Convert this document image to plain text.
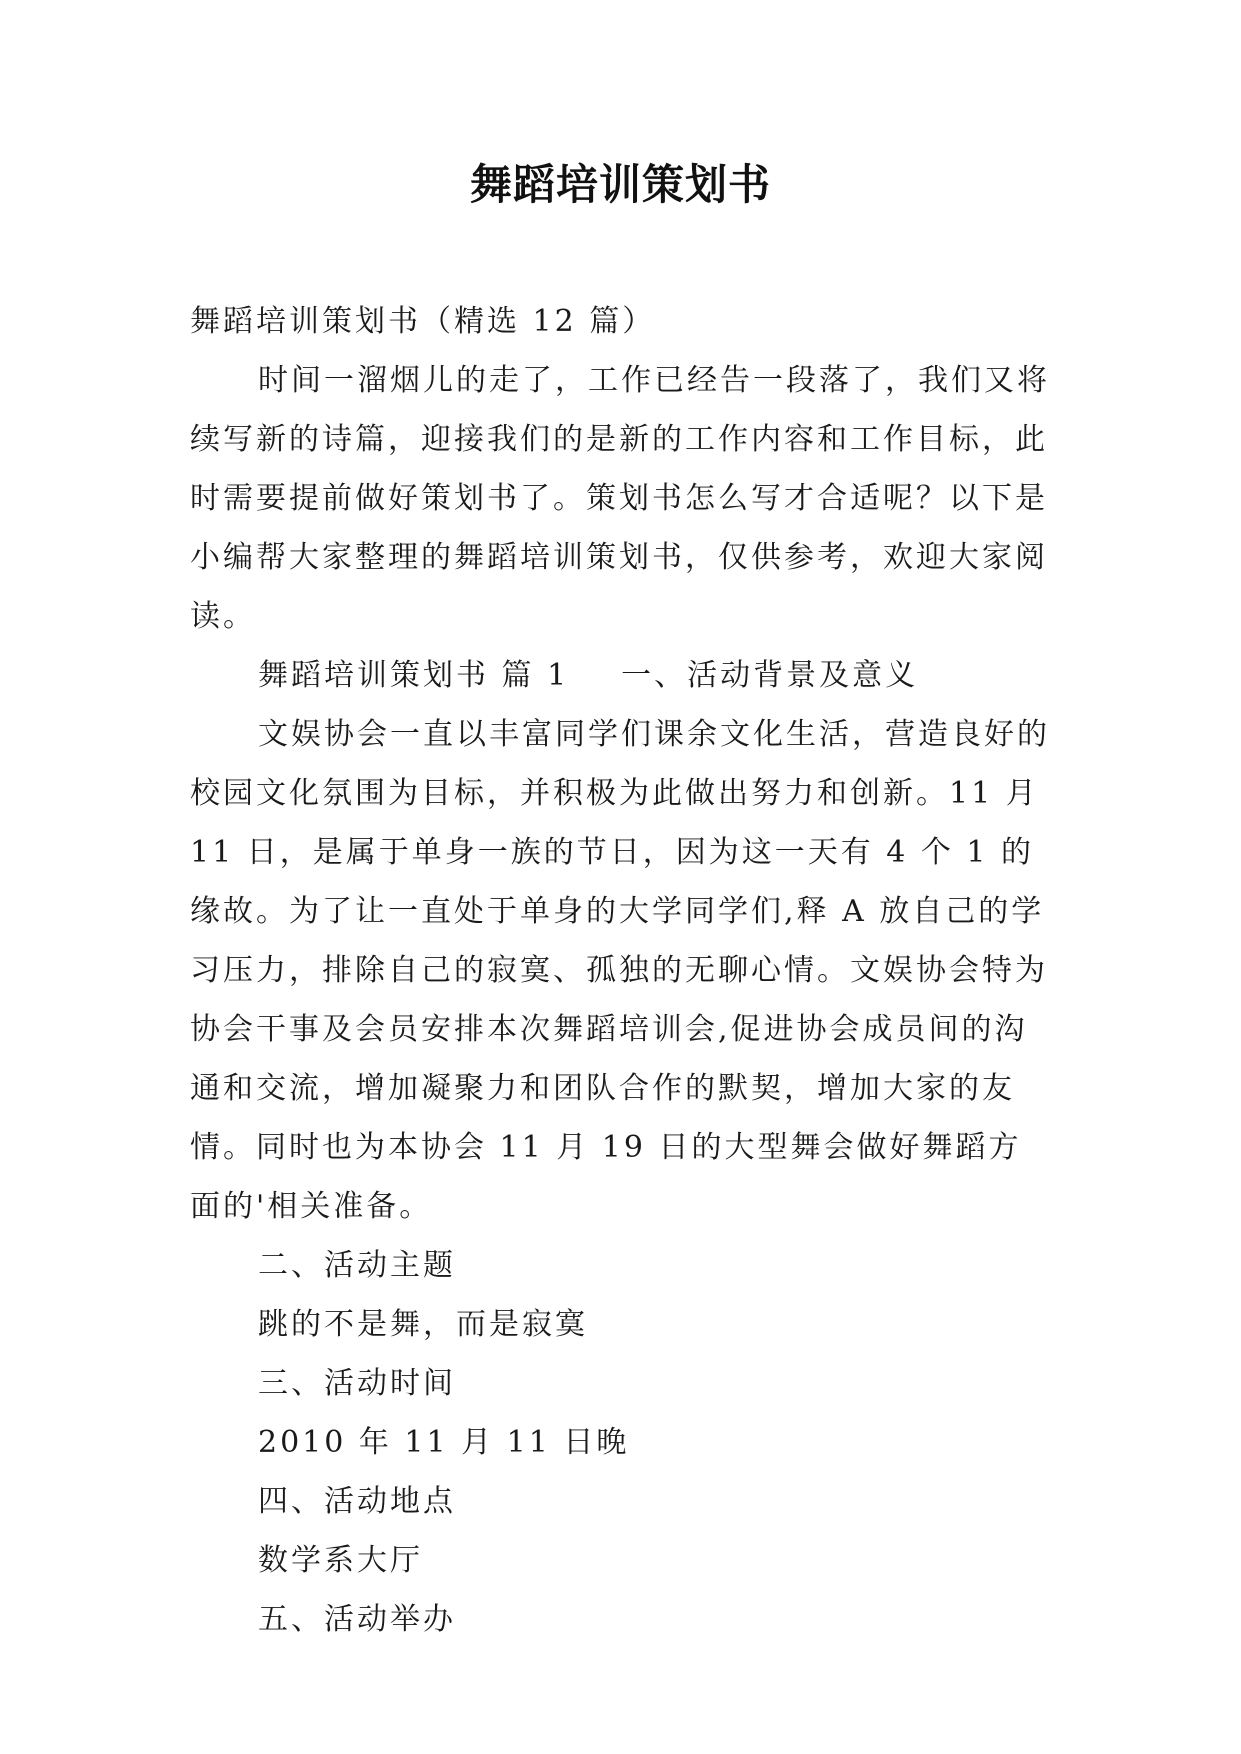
舞蹈培训策划书

舞蹈培训策划书（精选 12 篇）

时间一溜烟儿的走了，工作已经告一段落了，我们又将续写新的诗篇，迎接我们的是新的工作内容和工作目标，此时需要提前做好策划书了。策划书怎么写才合适呢？以下是小编帮大家整理的舞蹈培训策划书，仅供参考，欢迎大家阅读。

舞蹈培训策划书 篇 1 一、活动背景及意义

文娱协会一直以丰富同学们课余文化生活，营造良好的校园文化氛围为目标，并积极为此做出努力和创新。11 月 11 日，是属于单身一族的节日，因为这一天有 4 个 1 的缘故。为了让一直处于单身的大学同学们,释 A 放自己的学习压力，排除自己的寂寞、孤独的无聊心情。文娱协会特为协会干事及会员安排本次舞蹈培训会,促进协会成员间的沟通和交流，增加凝聚力和团队合作的默契，增加大家的友情。同时也为本协会 11 月 19 日的大型舞会做好舞蹈方面的'相关准备。

二、活动主题

跳的不是舞，而是寂寞

三、活动时间

2010 年 11 月 11 日晚

四、活动地点

数学系大厅

五、活动举办
